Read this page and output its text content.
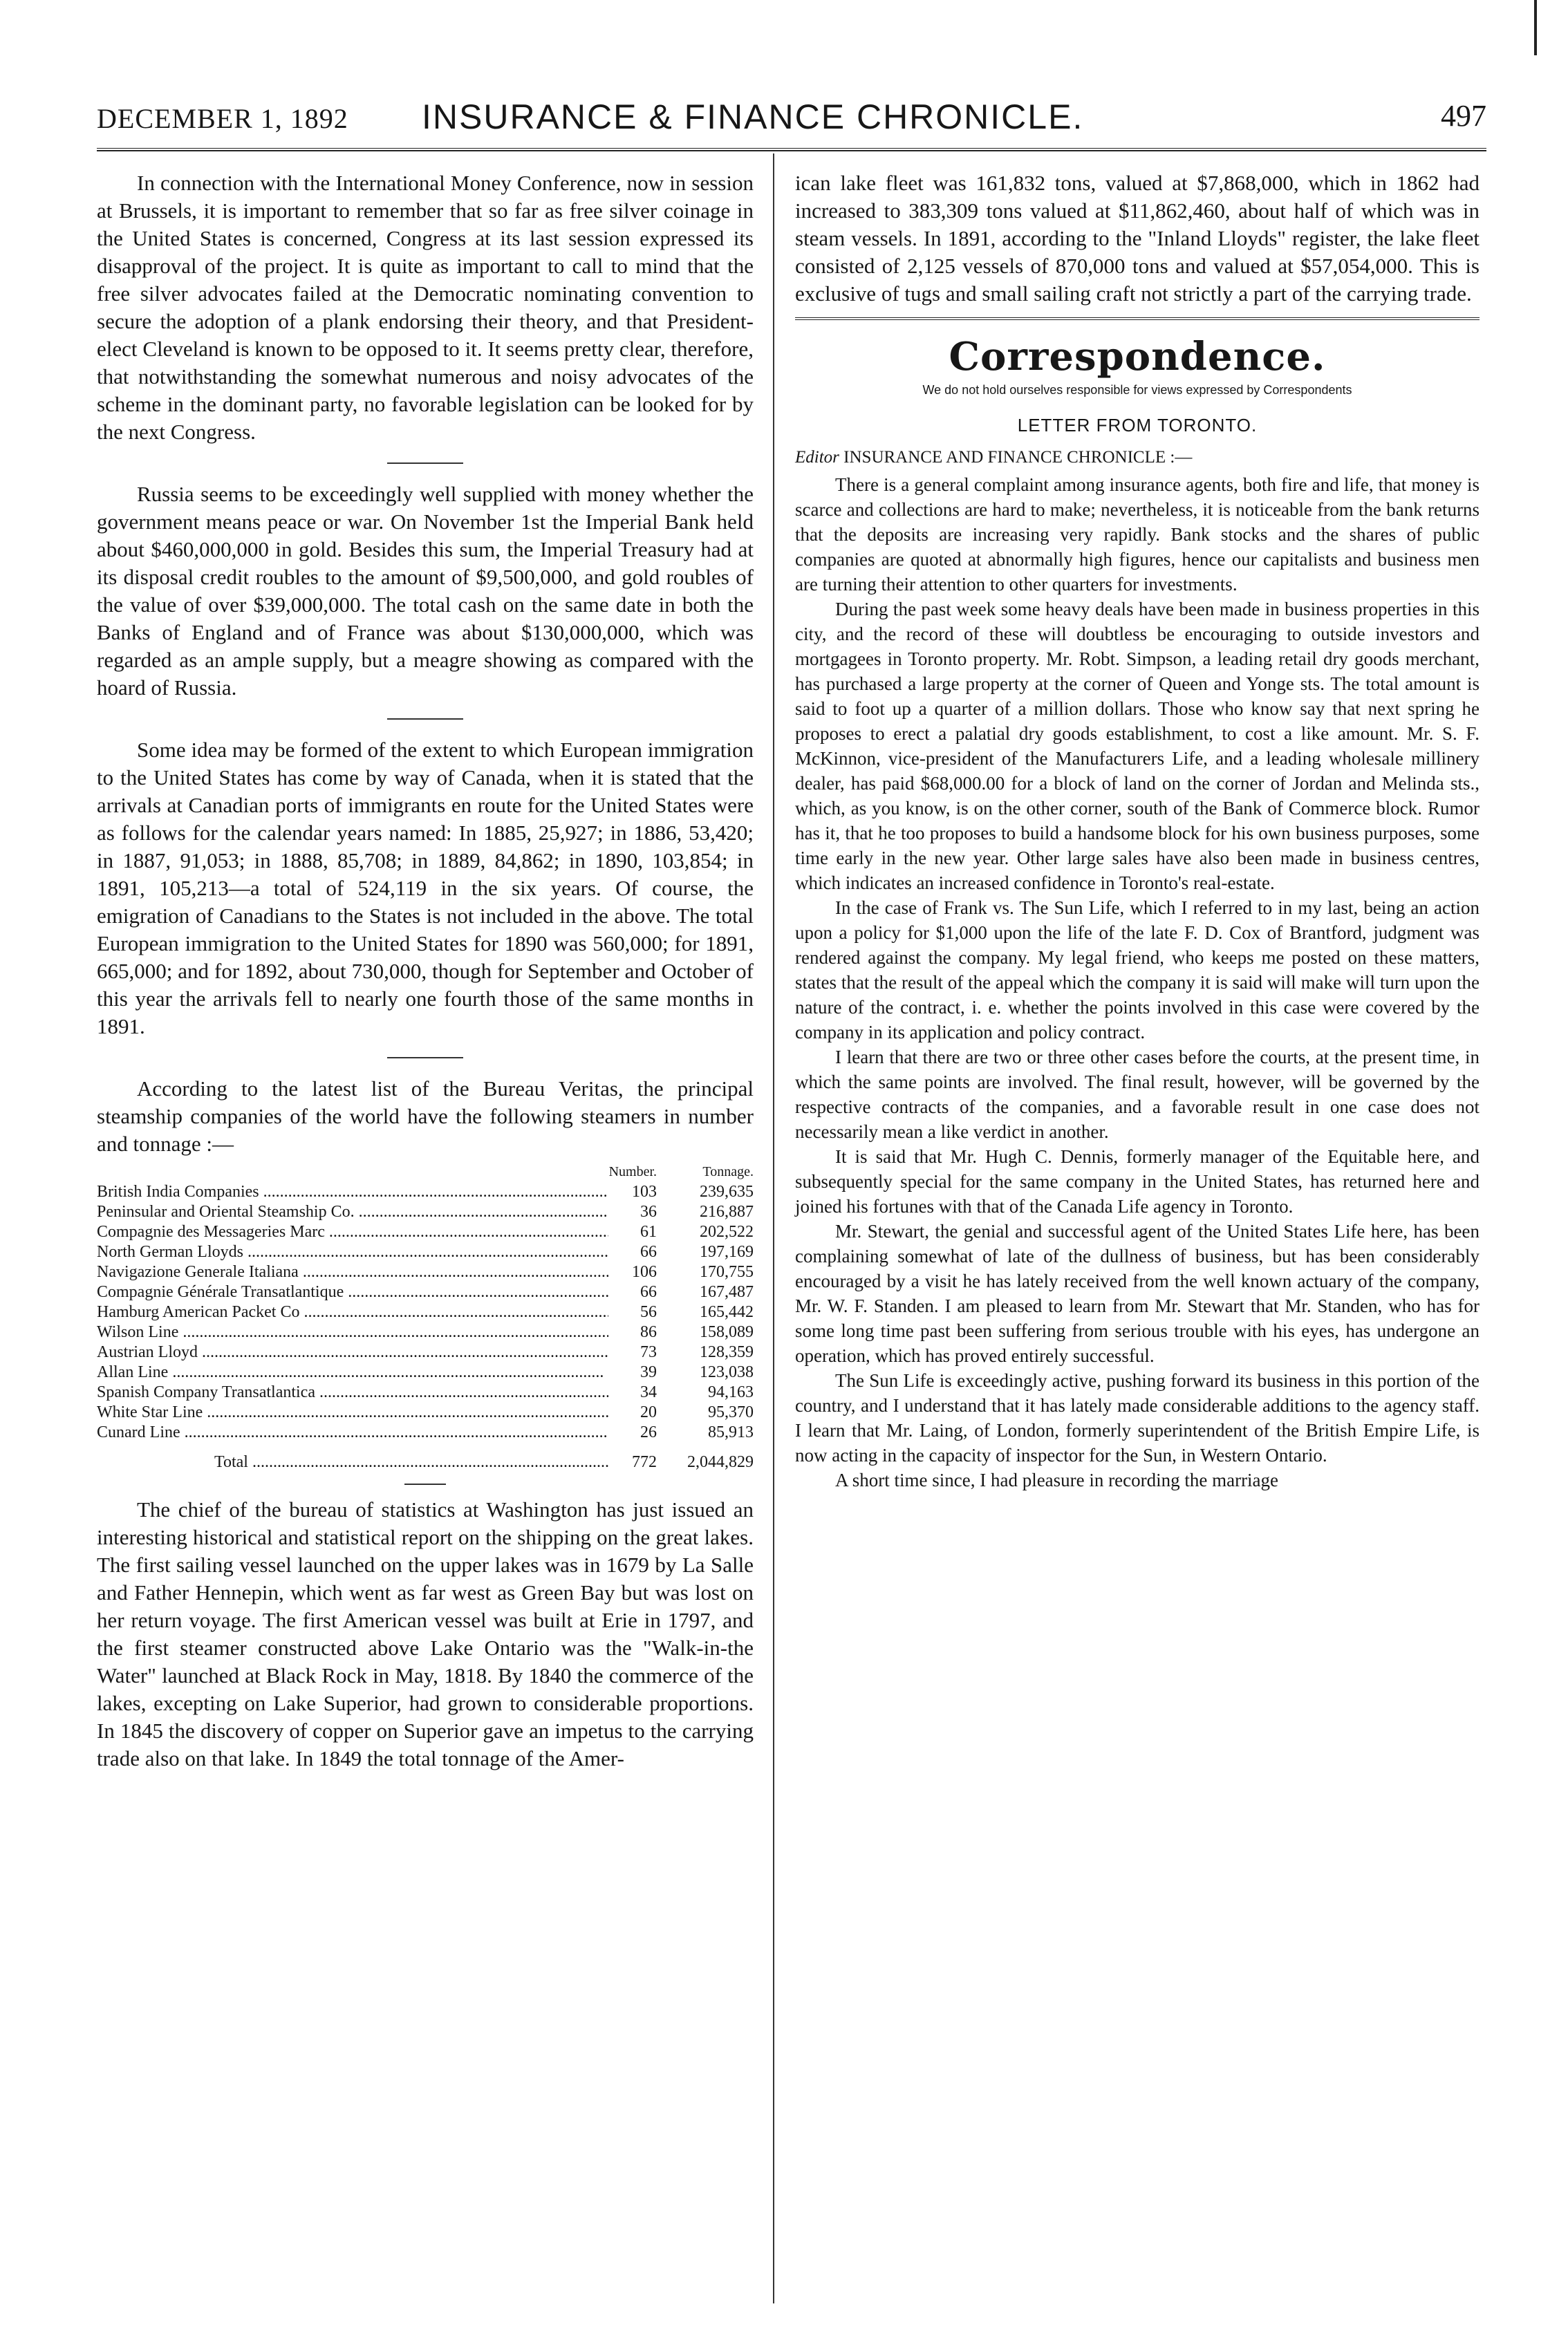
DECEMBER 1, 1892 INSURANCE & FINANCE CHRONICLE.	497

In connection with the International Money Conference, now in session at Brussels, it is important to remember that so far as free silver coinage in the United States is concerned, Congress at its last session expressed its disapproval of the project. It is quite as important to call to mind that the free silver advocates failed at the Democratic nominating convention to secure the adoption of a plank endorsing their theory, and that President-elect Cleveland is known to be opposed to it. It seems pretty clear, therefore, that notwithstanding the somewhat numerous and noisy advocates of the scheme in the dominant party, no favorable legislation can be looked for by the next Congress.

Russia seems to be exceedingly well supplied with money whether the government means peace or war. On November 1st the Imperial Bank held about $460,000,000 in gold. Besides this sum, the Imperial Treasury had at its disposal credit roubles to the amount of $9,500,000, and gold roubles of the value of over $39,000,000. The total cash on the same date in both the Banks of England and of France was about $130,000,000, which was regarded as an ample supply, but a meagre showing as compared with the hoard of Russia.

Some idea may be formed of the extent to which European immigration to the United States has come by way of Canada, when it is stated that the arrivals at Canadian ports of immigrants en route for the United States were as follows for the calendar years named: In 1885, 25,927; in 1886, 53,420; in 1887, 91,053; in 1888, 85,708; in 1889, 84,862; in 1890, 103,854; in 1891, 105,213—a total of 524,119 in the six years. Of course, the emigration of Canadians to the States is not included in the above. The total European immigration to the United States for 1890 was 560,000; for 1891, 665,000; and for 1892, about 730,000, though for September and October of this year the arrivals fell to nearly one fourth those of the same months in 1891.

According to the latest list of the Bureau Veritas, the principal steamship companies of the world have the following steamers in number and tonnage :—

Number.	Tonnage.
British India Companies .....	103	239,635
Peninsular and Oriental Steamship Co. .....	36	216,887
Compagnie des Messageries Marc .....	61	202,522
North German Lloyds .....	66	197,169
Navigazione Generale Italiana .....	106	170,755
Compagnie Générale Transatlantique .....	66	167,487
Hamburg American Packet Co .....	56	165,442
Wilson Line .....	86	158,089
Austrian Lloyd .....	73	128,359
Allan Line .....	39	123,038
Spanish Company Transatlantica .....	34	94,163
White Star Line .....	20	95,370
Cunard Line .....	26	85,913
Total .....	772	2,044,829

The chief of the bureau of statistics at Washington has just issued an interesting historical and statistical report on the shipping on the great lakes. The first sailing vessel launched on the upper lakes was in 1679 by La Salle and Father Hennepin, which went as far west as Green Bay but was lost on her return voyage. The first American vessel was built at Erie in 1797, and the first steamer constructed above Lake Ontario was the "Walk-in-the Water" launched at Black Rock in May, 1818. By 1840 the commerce of the lakes, excepting on Lake Superior, had grown to considerable proportions. In 1845 the discovery of copper on Superior gave an impetus to the carrying trade also on that lake. In 1849 the total tonnage of the Amer-

ican lake fleet was 161,832 tons, valued at $7,868,000, which in 1862 had increased to 383,309 tons valued at $11,862,460, about half of which was in steam vessels. In 1891, according to the "Inland Lloyds" register, the lake fleet consisted of 2,125 vessels of 870,000 tons and valued at $57,054,000. This is exclusive of tugs and small sailing craft not strictly a part of the carrying trade.
Correspondence.
We do not hold ourselves responsible for views expressed by Correspondents
LETTER FROM TORONTO.
Editor INSURANCE AND FINANCE CHRONICLE :—

There is a general complaint among insurance agents, both fire and life, that money is scarce and collections are hard to make; nevertheless, it is noticeable from the bank returns that the deposits are increasing very rapidly. Bank stocks and the shares of public companies are quoted at abnormally high figures, hence our capitalists and business men are turning their attention to other quarters for investments.

During the past week some heavy deals have been made in business properties in this city, and the record of these will doubtless be encouraging to outside investors and mortgagees in Toronto property. Mr. Robt. Simpson, a leading retail dry goods merchant, has purchased a large property at the corner of Queen and Yonge sts. The total amount is said to foot up a quarter of a million dollars. Those who know say that next spring he proposes to erect a palatial dry goods establishment, to cost a like amount. Mr. S. F. McKinnon, vice-president of the Manufacturers Life, and a leading wholesale millinery dealer, has paid $68,000.00 for a block of land on the corner of Jordan and Melinda sts., which, as you know, is on the other corner, south of the Bank of Commerce block. Rumor has it, that he too proposes to build a handsome block for his own business purposes, some time early in the new year. Other large sales have also been made in business centres, which indicates an increased confidence in Toronto's real-estate.

In the case of Frank vs. The Sun Life, which I referred to in my last, being an action upon a policy for $1,000 upon the life of the late F. D. Cox of Brantford, judgment was rendered against the company. My legal friend, who keeps me posted on these matters, states that the result of the appeal which the company it is said will make will turn upon the nature of the contract, i. e. whether the points involved in this case were covered by the company in its application and policy contract.

I learn that there are two or three other cases before the courts, at the present time, in which the same points are involved. The final result, however, will be governed by the respective contracts of the companies, and a favorable result in one case does not necessarily mean a like verdict in another.

It is said that Mr. Hugh C. Dennis, formerly manager of the Equitable here, and subsequently special for the same company in the United States, has returned here and joined his fortunes with that of the Canada Life agency in Toronto.

Mr. Stewart, the genial and successful agent of the United States Life here, has been complaining somewhat of late of the dullness of business, but has been considerably encouraged by a visit he has lately received from the well known actuary of the company, Mr. W. F. Standen. I am pleased to learn from Mr. Stewart that Mr. Standen, who has for some long time past been suffering from serious trouble with his eyes, has undergone an operation, which has proved entirely successful.

The Sun Life is exceedingly active, pushing forward its business in this portion of the country, and I understand that it has lately made considerable additions to the agency staff. I learn that Mr. Laing, of London, formerly superintendent of the British Empire Life, is now acting in the capacity of inspector for the Sun, in Western Ontario.

A short time since, I had pleasure in recording the marriage
